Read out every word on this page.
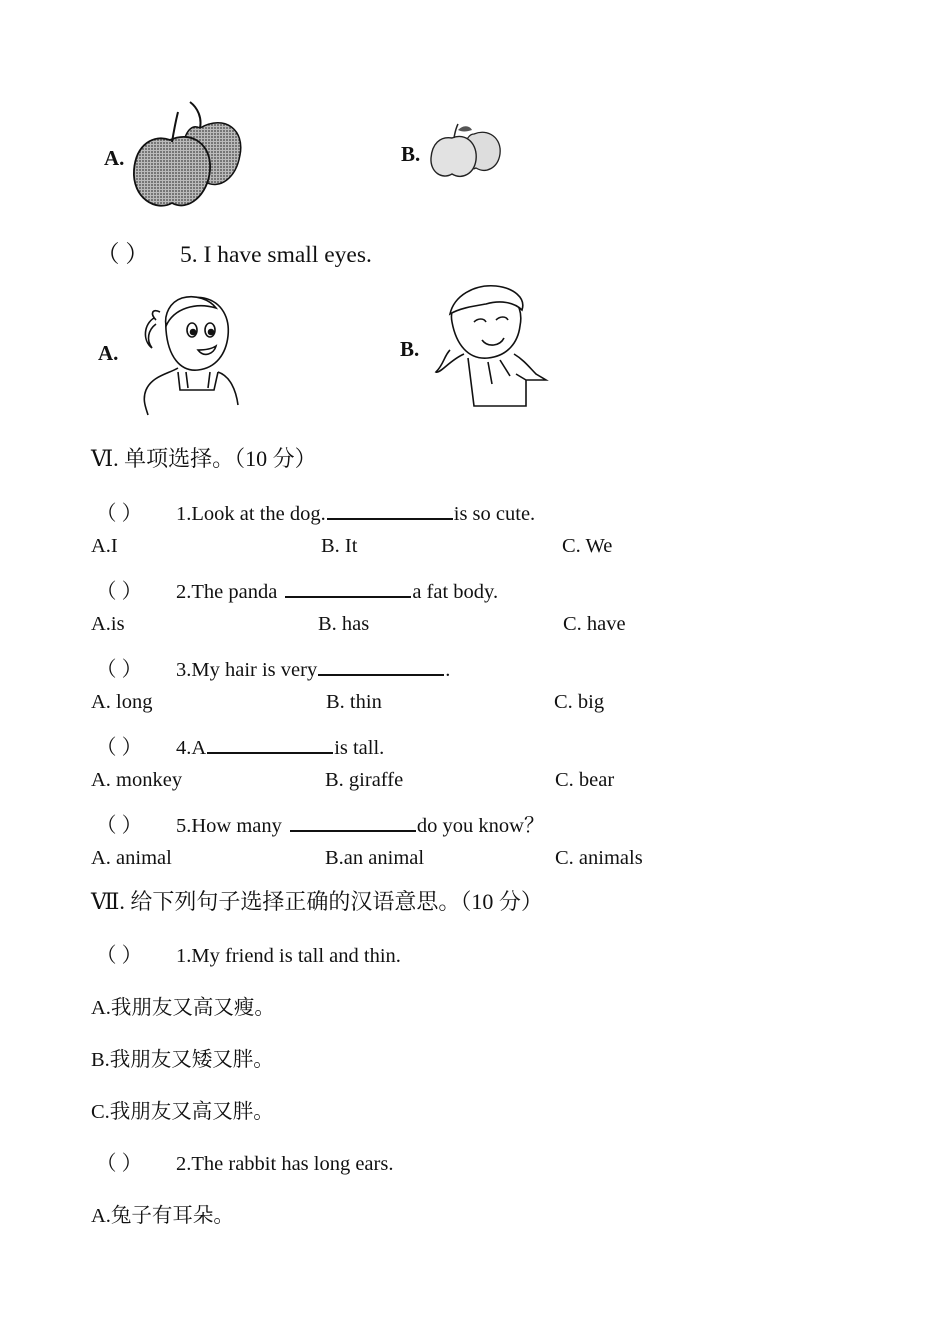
A.	B.
（ ） 5. I have small eyes.
A.	B.
Ⅵ. 单项选择。（10 分）
（ ） 1.Look at the dog.	is so cute.
A.I	B. It	C. We
（ ） 2.The panda	a fat body.
A.is	B. has	C. have
（ ） 3.My hair is very	.
A. long	B. thin	C. big
（ ） 4.A	is tall.
A. monkey	B. giraffe	C. bear
（ ） 5.How many	do you know？
A. animal	B.an animal	C. animals
Ⅶ. 给下列句子选择正确的汉语意思。（10 分）
（ ） 1.My friend is tall and thin.
A.我朋友又高又瘦。
B.我朋友又矮又胖。
C.我朋友又高又胖。
（ ） 2.The rabbit has long ears.
A.兔子有耳朵。
